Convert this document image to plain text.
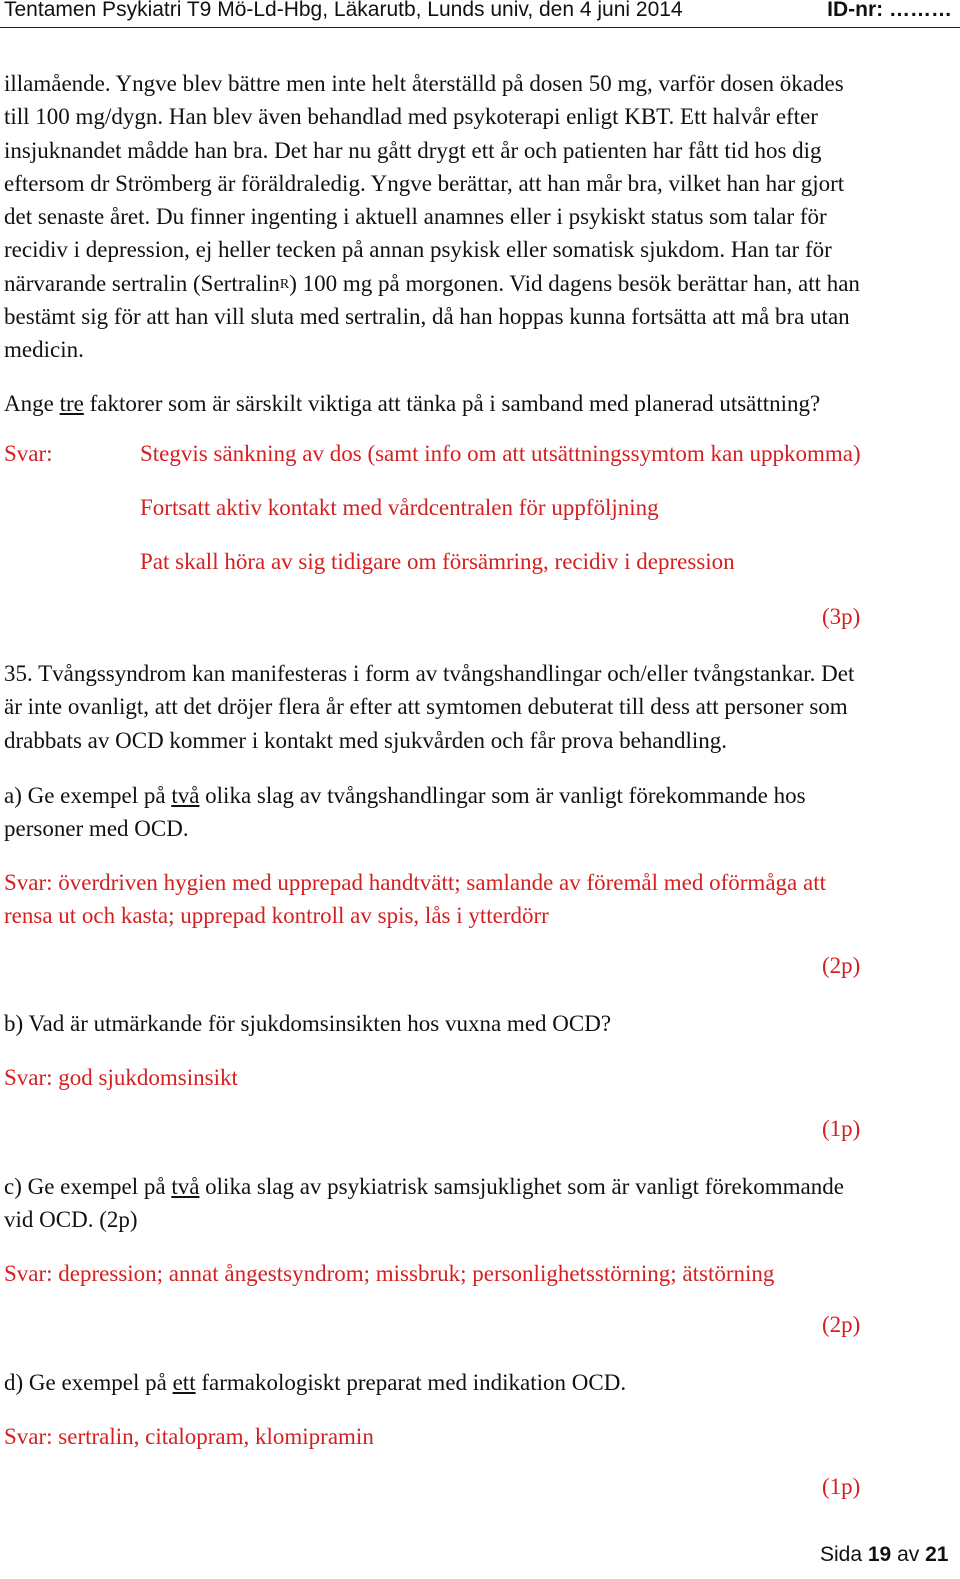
Tentamen Psykiatri T9 Mö-Ld-Hbg, Läkarutb, Lunds univ, den 4 juni 2014	ID-nr: ………
illamående. Yngve blev bättre men inte helt återställd på dosen 50 mg, varför dosen ökades
till 100 mg/dygn. Han blev även behandlad med psykoterapi enligt KBT. Ett halvår efter
insjuknandet mådde han bra. Det har nu gått drygt ett år och patienten har fått tid hos dig
eftersom dr Strömberg är föräldraledig. Yngve berättar, att han mår bra, vilket han har gjort
det senaste året. Du finner ingenting i aktuell anamnes eller i psykiskt status som talar för
recidiv i depression, ej heller tecken på annan psykisk eller somatisk sjukdom. Han tar för
närvarande sertralin (Sertralin$^R$) 100 mg på morgonen. Vid dagens besök berättar han, att han
bestämt sig för att han vill sluta med sertralin, då han hoppas kunna fortsätta att må bra utan
medicin.
Ange tre faktorer som är särskilt viktiga att tänka på i samband med planerad utsättning?
Svar:	Stegvis sänkning av dos (samt info om att utsättningssymtom kan uppkomma)
Fortsatt aktiv kontakt med vårdcentralen för uppföljning
Pat skall höra av sig tidigare om försämring, recidiv i depression
(3p)
35. Tvångssyndrom kan manifesteras i form av tvångshandlingar och/eller tvångstankar. Det
är inte ovanligt, att det dröjer flera år efter att symtomen debuterat till dess att personer som
drabbats av OCD kommer i kontakt med sjukvården och får prova behandling.
a) Ge exempel på två olika slag av tvångshandlingar som är vanligt förekommande hos
personer med OCD.
Svar: överdriven hygien med upprepad handtvätt; samlande av föremål med oförmåga att
rensa ut och kasta; upprepad kontroll av spis, lås i ytterdörr
(2p)
b) Vad är utmärkande för sjukdomsinsikten hos vuxna med OCD?
Svar: god sjukdomsinsikt
(1p)
c) Ge exempel på två olika slag av psykiatrisk samsjuklighet som är vanligt förekommande
vid OCD. (2p)
Svar: depression; annat ångestsyndrom; missbruk; personlighetsstörning; ätstörning
(2p)
d) Ge exempel på ett farmakologiskt preparat med indikation OCD.
Svar: sertralin, citalopram, klomipramin
(1p)
Sida 19 av 21
